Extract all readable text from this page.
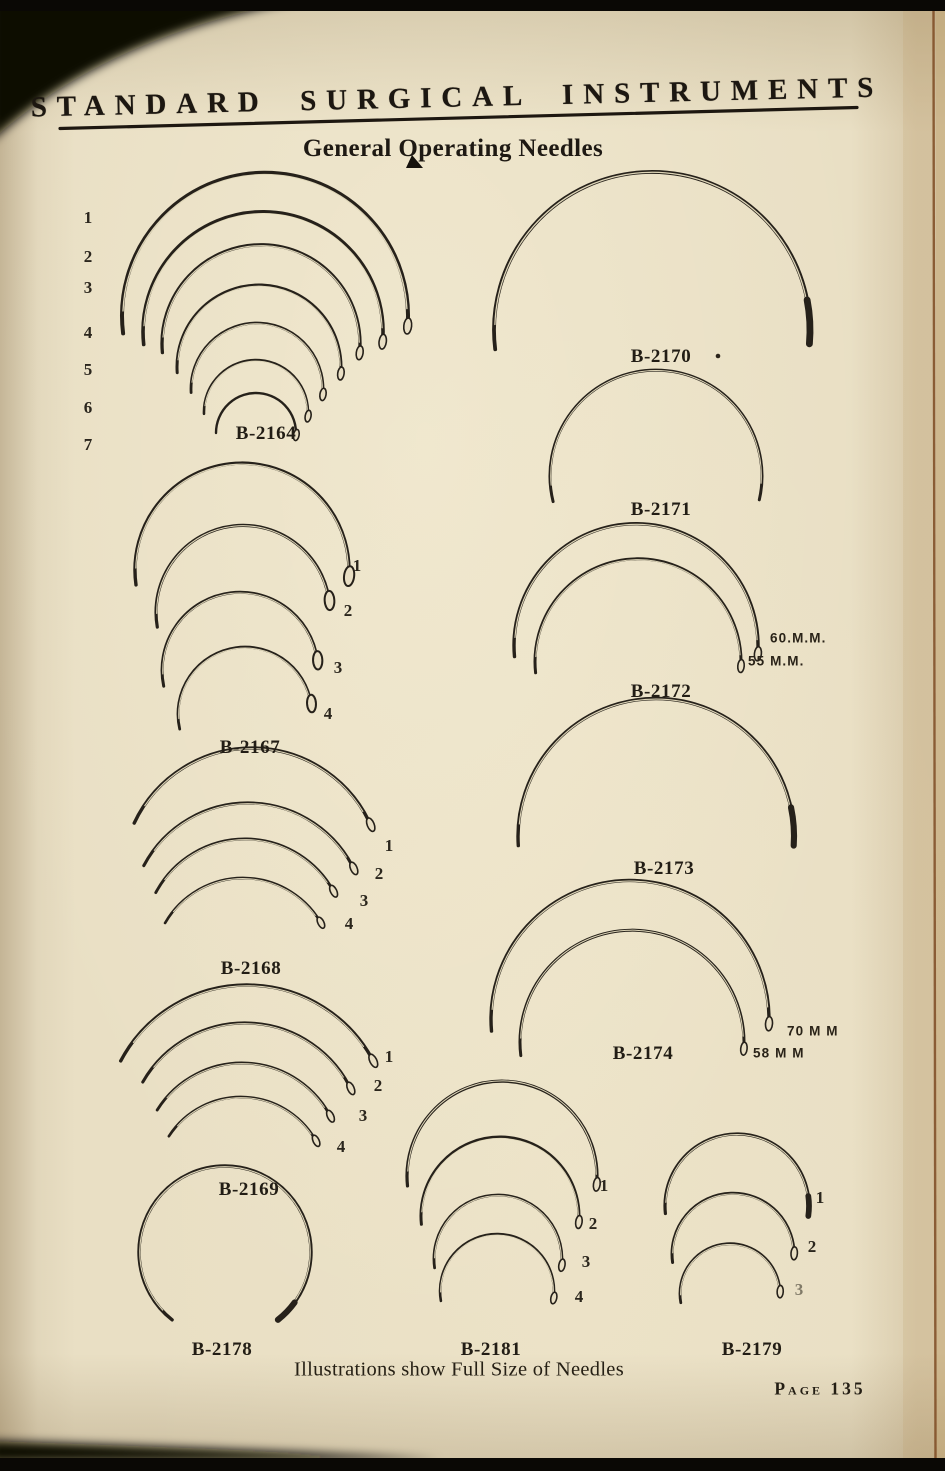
STANDARD SURGICAL INSTRUMENTS
General Operating Needles
B-2164
B-2167
B-2168
B-2169
B-2178
B-2170
B-2171
B-2172
B-2173
B-2174
B-2181	B-2179
1
2
3
4
5
6
7
1
2
3
4
1
2
3
4
1
2
3
4
1
2
3
4
1
2
3
60.M.M.
55 M.M.
70 M M
58 M M
Illustrations show Full Size of Needles
Page 135
